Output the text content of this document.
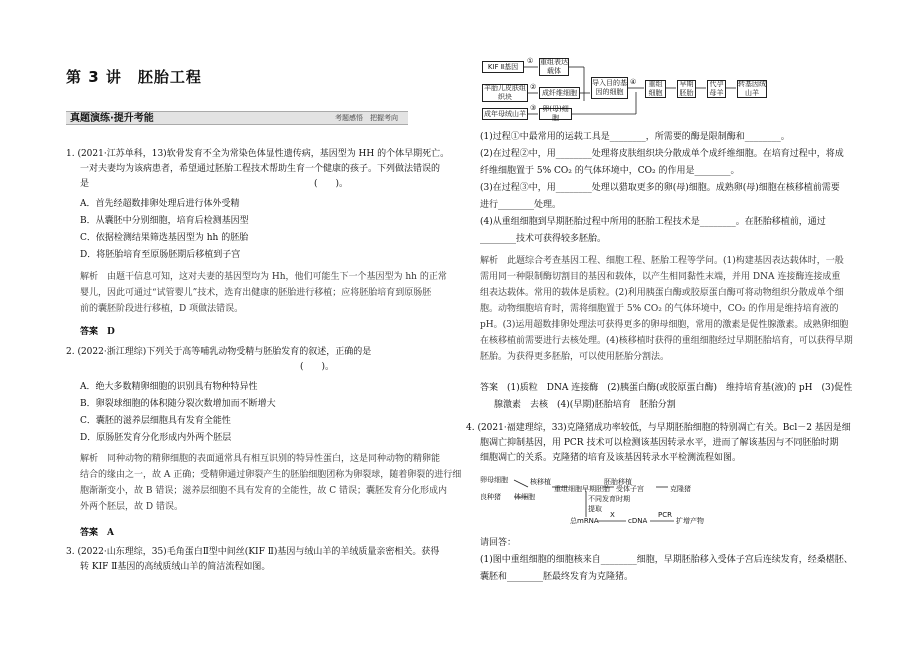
第 3 讲　胚胎工程
真题演练·提升考能	考题感悟　把握考向
KIF Ⅱ基因
重组表达载体
羊胎儿皮肤组织块
成纤维细胞
导入目的基因的细胞
重组细胞
早期胚胎
代孕母羊
转基因绒山羊
成年母绒山羊
卵(母)细胞
①
②
③
④
卵母细胞
良种猪 体细胞
核移植
重组细胞 早期胚胎
胚胎移植
受体子宫	克隆猪
不同发育时期
提取
总mRNA
X
cDNA
PCR
扩增产物
1. (2021·江苏单科，13)软骨发育不全为常染色体显性遗传病，基因型为 HH 的个体早期死亡。
一对夫妻均为该病患者，希望通过胚胎工程技术帮助生育一个健康的孩子。下列做法错误的
是　　　　　　　　　　　　　　　　　　　　　　　　　(　　)。
A．首先经超数排卵处理后进行体外受精
B．从囊胚中分别细胞，培育后检测基因型
C．依据检测结果筛选基因型为 hh 的胚胎
D．将胚胎培育至原肠胚期后移植到子宫
解析　由题干信息可知，这对夫妻的基因型均为 Hh，他们可能生下一个基因型为 hh 的正常
婴儿，因此可通过“试管婴儿”技术，选育出健康的胚胎进行移植；应将胚胎培育到原肠胚
前的囊胚阶段进行移植，D 项做法错误。
答案　D
2. (2022·浙江理综)下列关于高等哺乳动物受精与胚胎发育的叙述，正确的是
　　　　　　　　　　　　　　　　　　　　　　　　　　(　　)。
A．绝大多数精卵细胞的识别具有物种特异性
B．卵裂球细胞的体积随分裂次数增加而不断增大
C．囊胚的滋养层细胞具有发育全能性
D．原肠胚发育分化形成内外两个胚层
解析　同种动物的精卵细胞的表面通常具有相互识别的特异性蛋白，这是同种动物的精卵能
结合的缘由之一，故 A 正确；受精卵通过卵裂产生的胚胎细胞团称为卵裂球，随着卵裂的进行细
胞渐渐变小，故 B 错误；滋养层细胞不具有发育的全能性，故 C 错误；囊胚发育分化形成内
外两个胚层，故 D 错误。
答案　A
3. (2022·山东理综，35)毛角蛋白Ⅱ型中间丝(KIF Ⅱ)基因与绒山羊的羊绒质量亲密相关。获得
转 KIF Ⅱ基因的高绒质绒山羊的简洁流程如图。
(1)过程①中最常用的运载工具是________，所需要的酶是限制酶和________。
(2)在过程②中，用________处理将皮肤组织块分散成单个成纤维细胞。在培育过程中，将成
纤维细胞置于 5% CO₂ 的气体环境中，CO₂ 的作用是________。
(3)在过程③中，用________处理以猎取更多的卵(母)细胞。成熟卵(母)细胞在核移植前需要
进行________处理。
(4)从重组细胞到早期胚胎过程中所用的胚胎工程技术是________。在胚胎移植前，通过
________技术可获得较多胚胎。
解析　此题综合考查基因工程、细胞工程、胚胎工程等学问。(1)构建基因表达载体时，一般
需用同一种限制酶切割目的基因和载体，以产生相同黏性末端，并用 DNA 连接酶连接成重
组表达载体。常用的载体是质粒。(2)利用胰蛋白酶或胶原蛋白酶可将动物组织分散成单个细
胞。动物细胞培育时，需将细胞置于 5% CO₂ 的气体环境中，CO₂ 的作用是维持培育液的
pH。(3)运用超数排卵处理法可获得更多的卵母细胞，常用的激素是促性腺激素。成熟卵细胞
在核移植前需要进行去核处理。(4)核移植时获得的重组细胞经过早期胚胎培育，可以获得早期
胚胎。为获得更多胚胎，可以使用胚胎分割法。
答案　(1)质粒　DNA 连接酶　(2)胰蛋白酶(或胶原蛋白酶)　维持培育基(液)的 pH　(3)促性
腺激素　去核　(4)(早期)胚胎培育　胚胎分割
4. (2021·福建理综，33)克隆猪成功率较低，与早期胚胎细胞的特别凋亡有关。Bcl－2 基因是细
胞凋亡抑制基因，用 PCR 技术可以检测该基因转录水平，进而了解该基因与不同胚胎时期
细胞凋亡的关系。克隆猪的培育及该基因转录水平检测流程如图。
请回答：
(1)图中重组细胞的细胞核来自________细胞，早期胚胎移入受体子宫后连续发育，经桑椹胚、
囊胚和________胚最终发育为克隆猪。
